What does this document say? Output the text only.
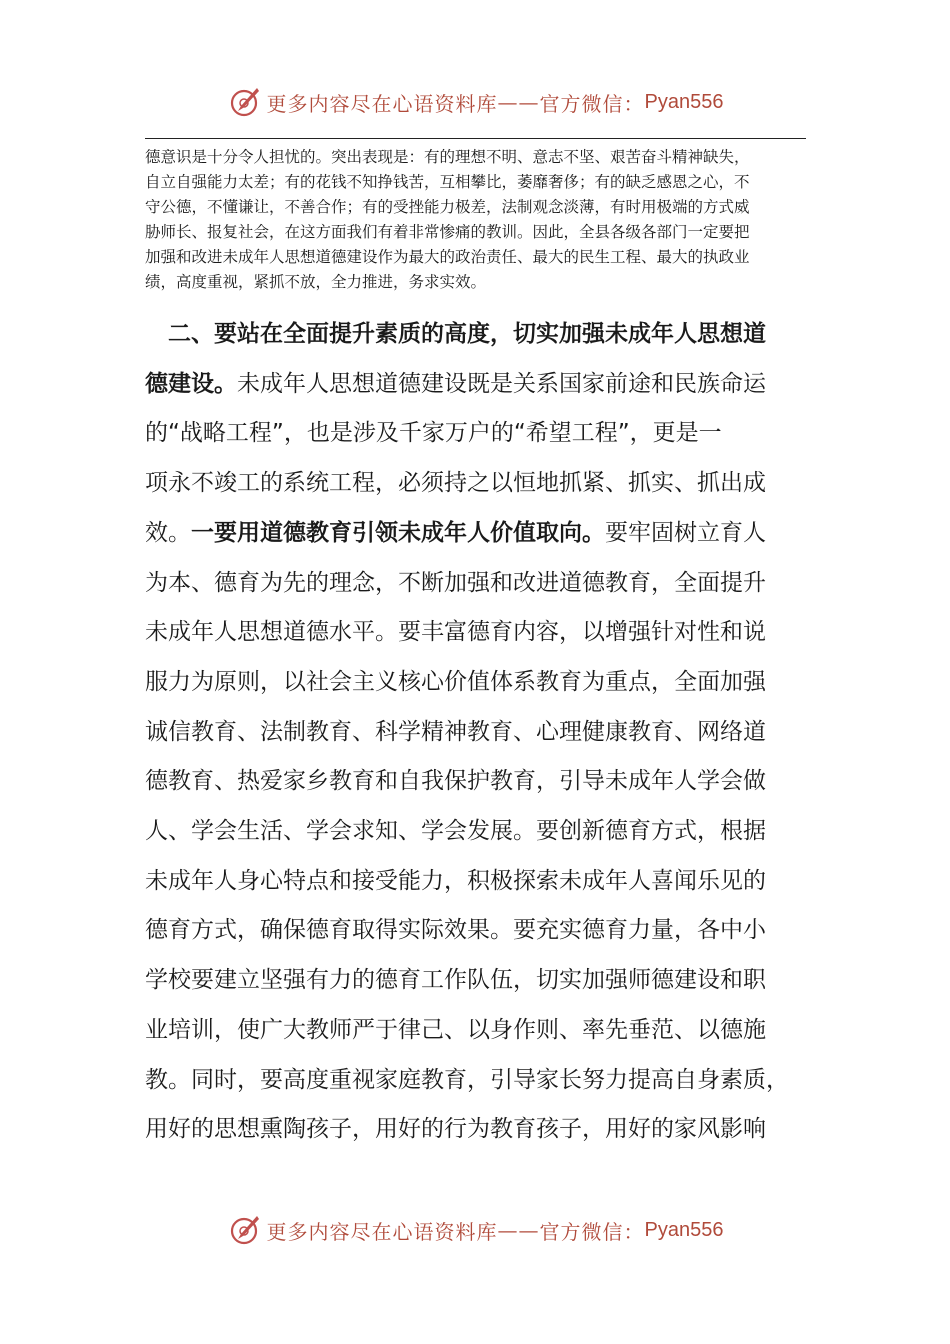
更多内容尽在心语资料库 —— 官方微信： Pyan556

德意识是十分令人担忧的。突出表现是：有的理想不明、意志不坚、艰苦奋斗精神缺失，
自立自强能力太差；有的花钱不知挣钱苦，互相攀比，萎靡奢侈；有的缺乏感恩之心，不
守公德，不懂谦让，不善合作；有的受挫能力极差，法制观念淡薄，有时用极端的方式威
胁师长、报复社会，在这方面我们有着非常惨痛的教训。因此，全县各级各部门一定要把
加强和改进未成年人思想道德建设作为最大的政治责任、最大的民生工程、最大的执政业
绩，高度重视，紧抓不放，全力推进，务求实效。

　二、要站在全面提升素质的高度，切实加强未成年人思想道
德建设。未成年人思想道德建设既是关系国家前途和民族命运
的“战略工程”，也是涉及千家万户的“希望工程”，更是一
项永不竣工的系统工程，必须持之以恒地抓紧、抓实、抓出成
效。一要用道德教育引领未成年人价值取向。要牢固树立育人
为本、德育为先的理念，不断加强和改进道德教育，全面提升
未成年人思想道德水平。要丰富德育内容，以增强针对性和说
服力为原则，以社会主义核心价值体系教育为重点，全面加强
诚信教育、法制教育、科学精神教育、心理健康教育、网络道
德教育、热爱家乡教育和自我保护教育，引导未成年人学会做
人、学会生活、学会求知、学会发展。要创新德育方式，根据
未成年人身心特点和接受能力，积极探索未成年人喜闻乐见的
德育方式，确保德育取得实际效果。要充实德育力量，各中小
学校要建立坚强有力的德育工作队伍，切实加强师德建设和职
业培训，使广大教师严于律己、以身作则、率先垂范、以德施
教。同时，要高度重视家庭教育，引导家长努力提高自身素质，
用好的思想熏陶孩子，用好的行为教育孩子，用好的家风影响
更多内容尽在心语资料库 —— 官方微信： Pyan556
